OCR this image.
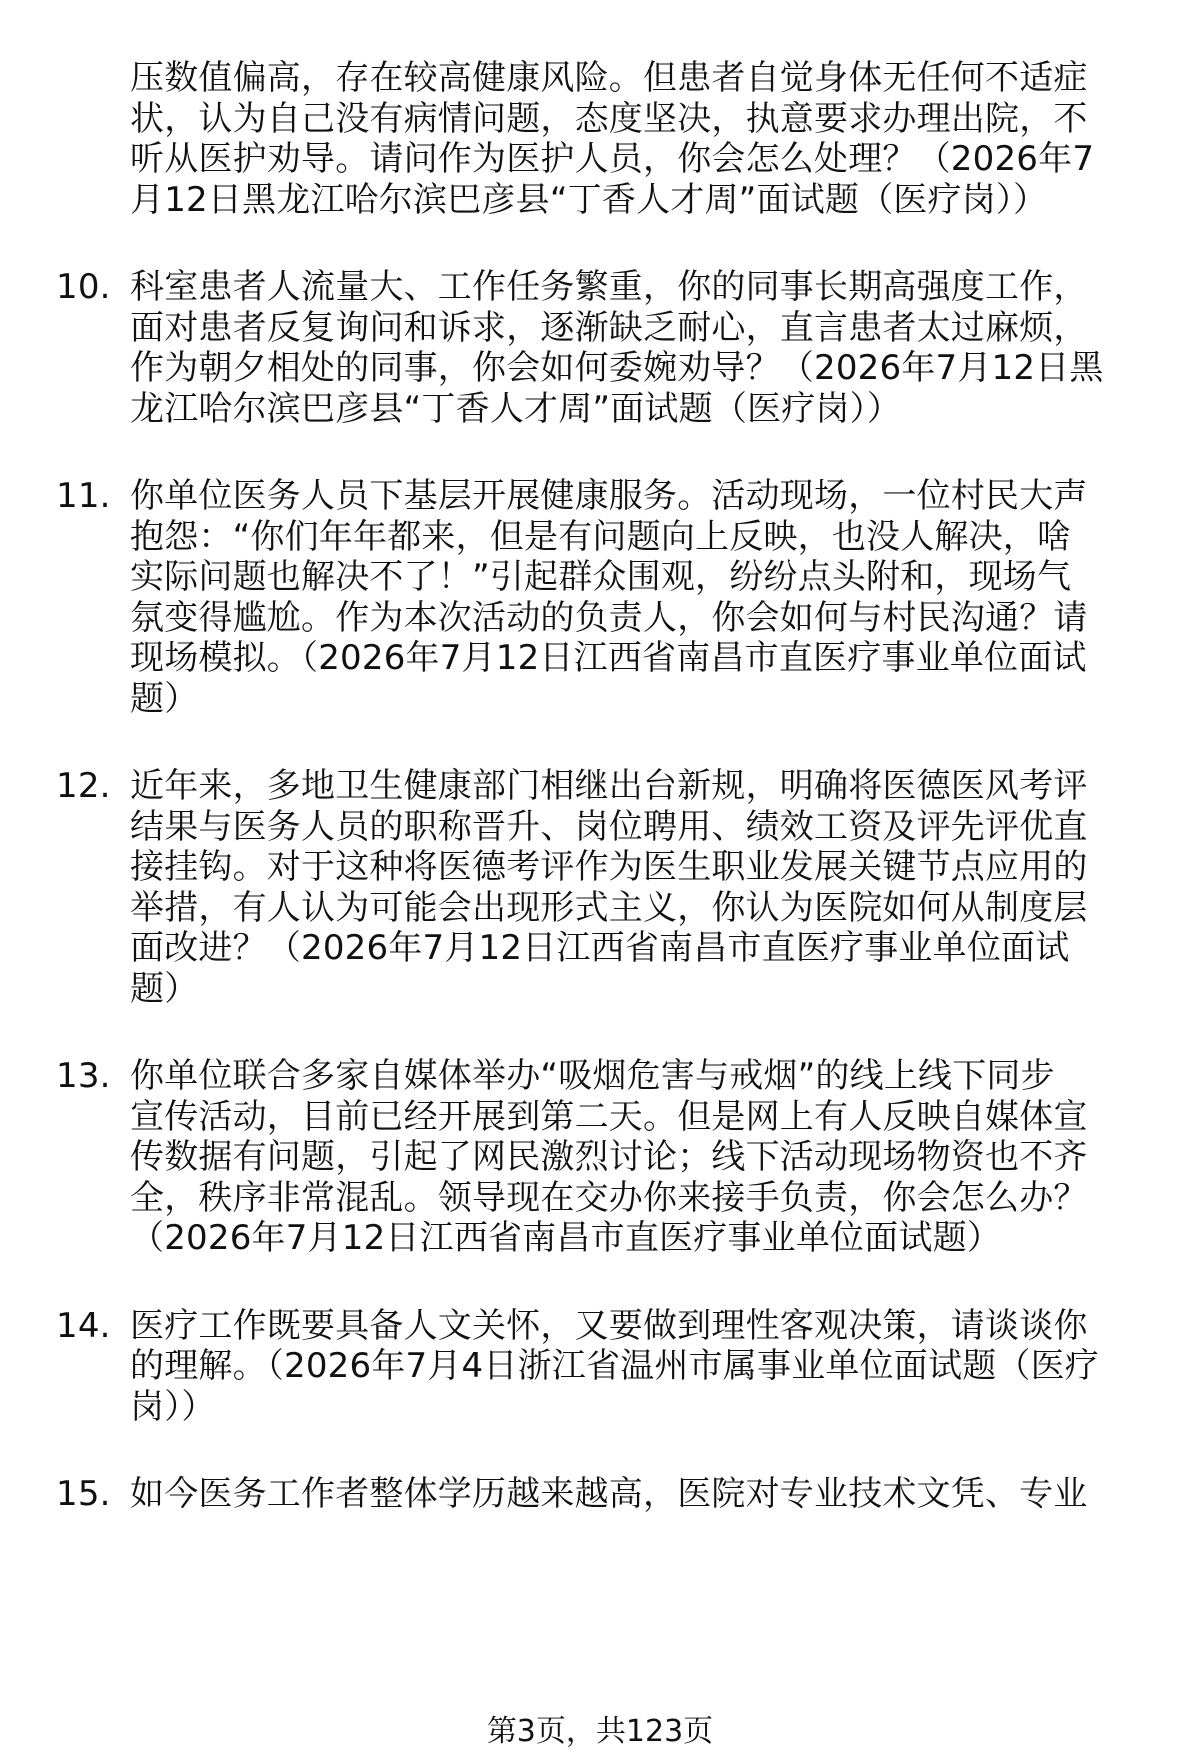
压数值偏高，存在较高健康风险。但患者自觉身体无任何不适症
状，认为自己没有病情问题，态度坚决，执意要求办理出院，不
听从医护劝导。请问作为医护人员，你会怎么处理？（2026年7
月12日黑龙江哈尔滨巴彦县“丁香人才周”面试题（医疗岗））
10. 科室患者人流量大、工作任务繁重，你的同事长期高强度工作，
面对患者反复询问和诉求，逐渐缺乏耐心，直言患者太过麻烦，
作为朝夕相处的同事，你会如何委婉劝导？（2026年7月12日黑
龙江哈尔滨巴彦县“丁香人才周”面试题（医疗岗））
11. 你单位医务人员下基层开展健康服务。活动现场，一位村民大声
抱怨：“你们年年都来，但是有问题向上反映，也没人解决，啥
实际问题也解决不了！”引起群众围观，纷纷点头附和，现场气
氛变得尴尬。作为本次活动的负责人，你会如何与村民沟通？请
现场模拟。（2026年7月12日江西省南昌市直医疗事业单位面试
题）
12. 近年来，多地卫生健康部门相继出台新规，明确将医德医风考评
结果与医务人员的职称晋升、岗位聘用、绩效工资及评先评优直
接挂钩。对于这种将医德考评作为医生职业发展关键节点应用的
举措，有人认为可能会出现形式主义，你认为医院如何从制度层
面改进？（2026年7月12日江西省南昌市直医疗事业单位面试
题）
13. 你单位联合多家自媒体举办“吸烟危害与戒烟”的线上线下同步
宣传活动，目前已经开展到第二天。但是网上有人反映自媒体宣
传数据有问题，引起了网民激烈讨论；线下活动现场物资也不齐
全，秩序非常混乱。领导现在交办你来接手负责，你会怎么办？
（2026年7月12日江西省南昌市直医疗事业单位面试题）
14. 医疗工作既要具备人文关怀，又要做到理性客观决策，请谈谈你
的理解。（2026年7月4日浙江省温州市属事业单位面试题（医疗
岗））
15. 如今医务工作者整体学历越来越高，医院对专业技术文凭、专业
第3页，共123页
